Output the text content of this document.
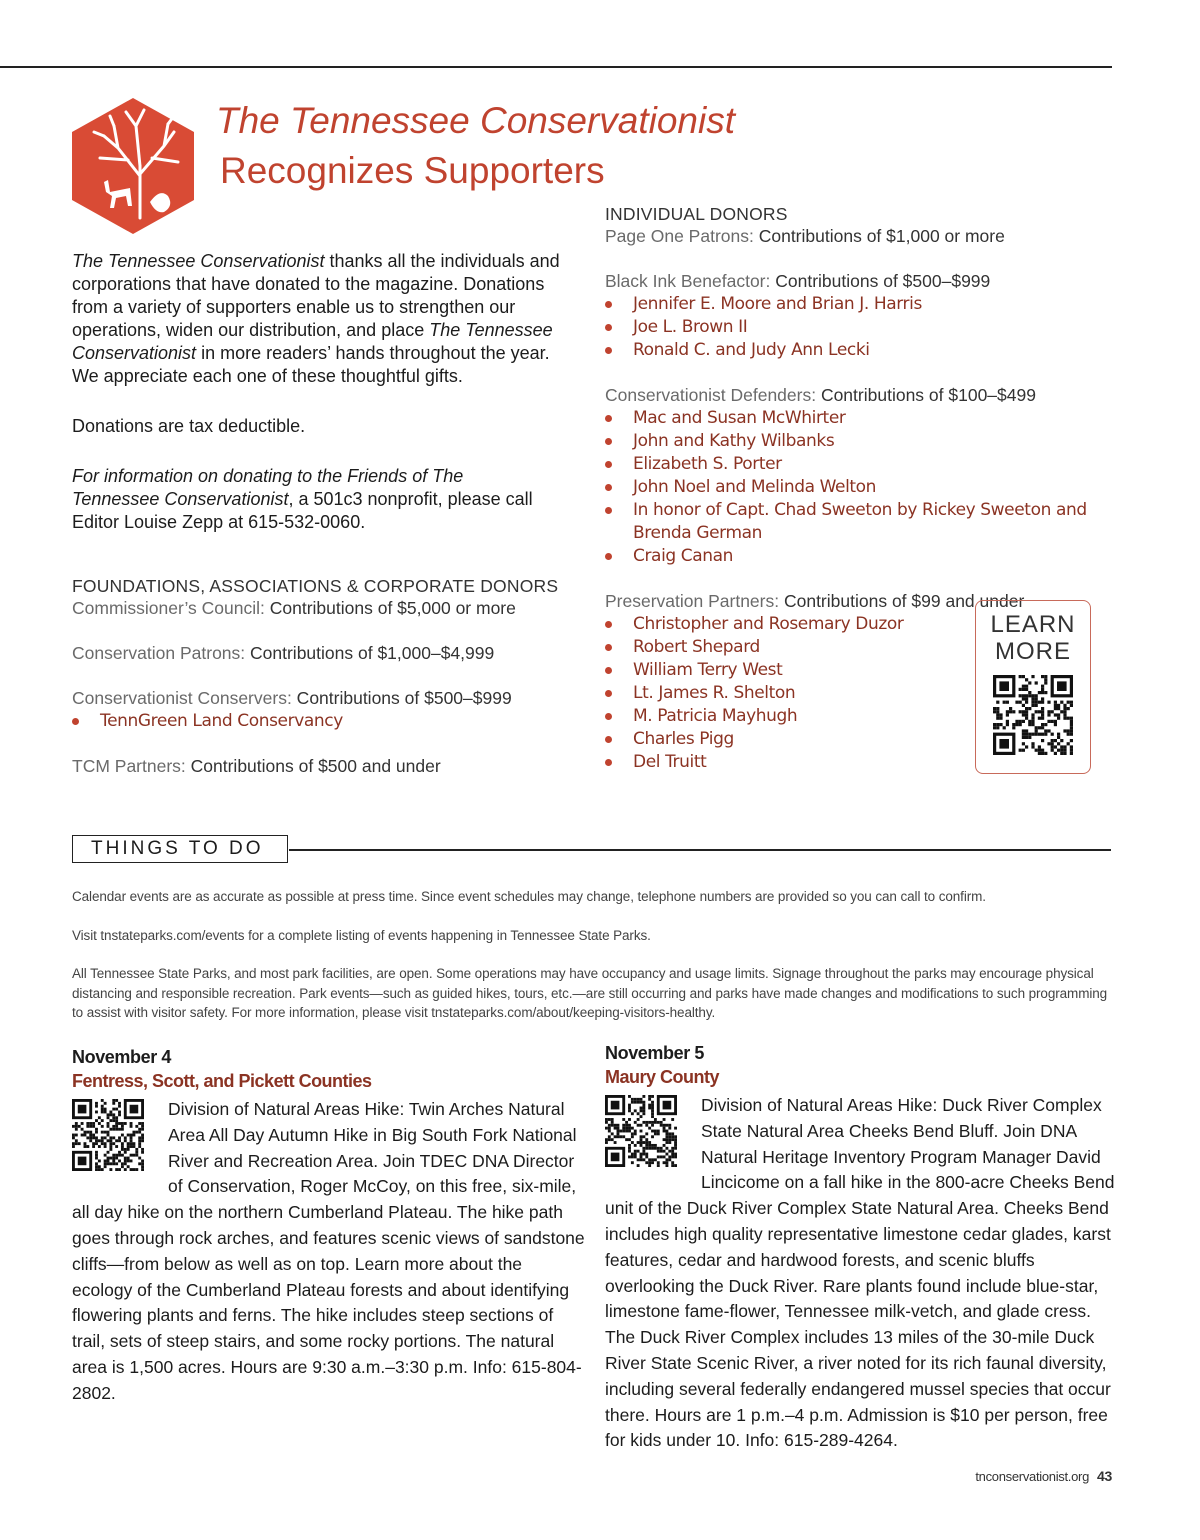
The Tennessee Conservationist
Recognizes Supporters

The Tennessee Conservationist thanks all the individuals and corporations that have donated to the magazine. Donations from a variety of supporters enable us to strengthen our operations, widen our distribution, and place The Tennessee Conservationist in more readers’ hands throughout the year. We appreciate each one of these thoughtful gifts.

Donations are tax deductible.

For information on donating to the Friends of The
Tennessee Conservationist, a 501c3 nonprofit, please call Editor Louise Zepp at 615-532-0060.

FOUNDATIONS, ASSOCIATIONS & CORPORATE DONORS
Commissioner’s Council: Contributions of $5,000 or more
Conservation Patrons: Contributions of $1,000–$4,999
Conservationist Conservers: Contributions of $500–$999
TennGreen Land Conservancy
TCM Partners: Contributions of $500 and under
INDIVIDUAL DONORS
Page One Patrons: Contributions of $1,000 or more
Black Ink Benefactor: Contributions of $500–$999
Jennifer E. Moore and Brian J. Harris
Joe L. Brown II
Ronald C. and Judy Ann Lecki
Conservationist Defenders: Contributions of $100–$499
Mac and Susan McWhirter
John and Kathy Wilbanks
Elizabeth S. Porter
John Noel and Melinda Welton
In honor of Capt. Chad Sweeton by Rickey Sweeton and Brenda German
Craig Canan
Preservation Partners: Contributions of $99 and under
Christopher and Rosemary Duzor
Robert Shepard
William Terry West
Lt. James R. Shelton
M. Patricia Mayhugh
Charles Pigg
Del Truitt
LEARN
MORE
THINGS TO DO

Calendar events are as accurate as possible at press time. Since event schedules may change, telephone numbers are provided so you can call to confirm.

Visit tnstateparks.com/events for a complete listing of events happening in Tennessee State Parks.

All Tennessee State Parks, and most park facilities, are open. Some operations may have occupancy and usage limits. Signage throughout the parks may encourage physical distancing and responsible recreation. Park events—such as guided hikes, tours, etc.—are still occurring and parks have made changes and modifications to such programming to assist with visitor safety. For more information, please visit tnstateparks.com/about/keeping-visitors-healthy.

November 4
Fentress, Scott, and Pickett Counties
Division of Natural Areas Hike: Twin Arches Natural Area All Day Autumn Hike in Big South Fork National River and Recreation Area. Join TDEC DNA Director of Conservation, Roger McCoy, on this free, six-mile, all day hike on the northern Cumberland Plateau. The hike path goes through rock arches, and features scenic views of sandstone cliffs—from below as well as on top. Learn more about the ecology of the Cumberland Plateau forests and about identifying flowering plants and ferns. The hike includes steep sections of trail, sets of steep stairs, and some rocky portions. The natural area is 1,500 acres. Hours are 9:30 a.m.–3:30 p.m. Info: 615-804-2802.
November 5
Maury County
Division of Natural Areas Hike: Duck River Complex State Natural Area Cheeks Bend Bluff. Join DNA Natural Heritage Inventory Program Manager David Lincicome on a fall hike in the 800-acre Cheeks Bend unit of the Duck River Complex State Natural Area. Cheeks Bend includes high quality representative limestone cedar glades, karst features, cedar and hardwood forests, and scenic bluffs overlooking the Duck River. Rare plants found include blue-star, limestone fame-flower, Tennessee milk-vetch, and glade cress. The Duck River Complex includes 13 miles of the 30-mile Duck River State Scenic River, a river noted for its rich faunal diversity, including several federally endangered mussel species that occur there. Hours are 1 p.m.–4 p.m. Admission is $10 per person, free for kids under 10. Info: 615-289-4264.
tnconservationist.org 43
